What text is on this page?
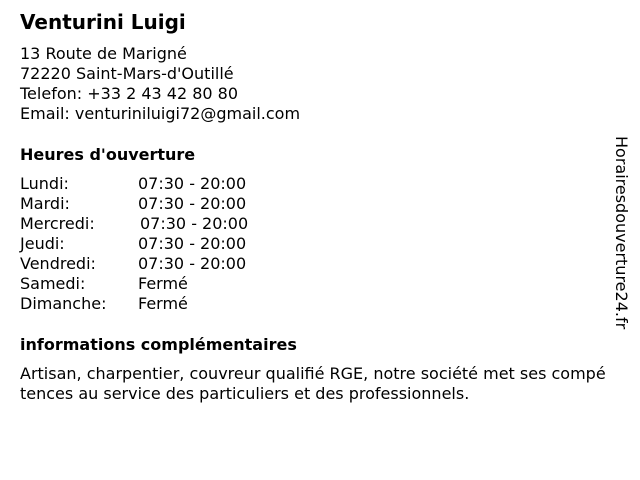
Venturini Luigi
13 Route de Marigné
72220 Saint-Mars-d'Outillé
Telefon: +33 2 43 42 80 80
Email: venturiniluigi72@gmail.com
Heures d'ouverture
Lundi:	07:30 - 20:00
Mardi:	07:30 - 20:00
Mercredi:	07:30 - 20:00
Jeudi:	07:30 - 20:00
Vendredi:	07:30 - 20:00
Samedi:	Fermé
Dimanche: Fermé
informations complémentaires
Artisan, charpentier, couvreur qualifié RGE, notre société met ses compétences au service des particuliers et des professionnels.
Horairesdouverture24.fr
